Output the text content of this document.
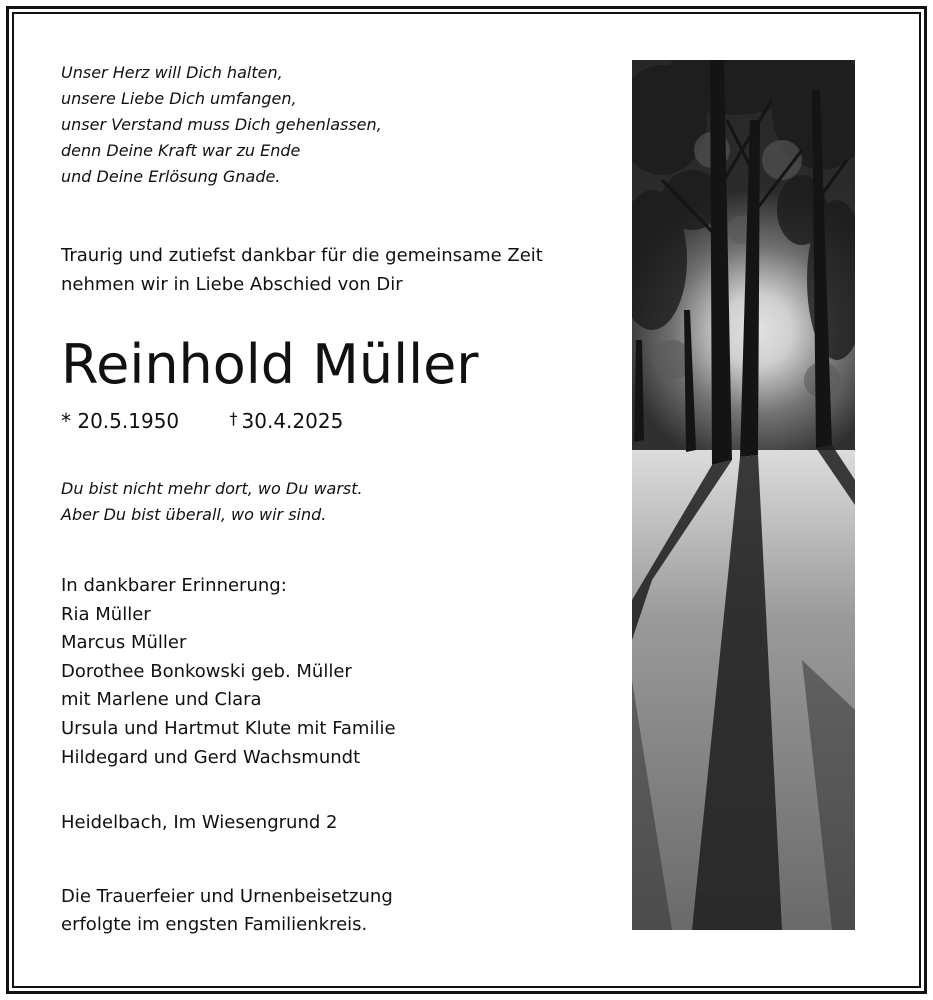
Unser Herz will Dich halten,
unsere Liebe Dich umfangen,
unser Verstand muss Dich gehenlassen,
denn Deine Kraft war zu Ende
und Deine Erlösung Gnade.

Traurig und zutiefst dankbar für die gemeinsame Zeit
nehmen wir in Liebe Abschied von Dir

Reinhold Müller
* 20.5.1950	† 30.4.2025

Du bist nicht mehr dort, wo Du warst.
Aber Du bist überall, wo wir sind.

In dankbarer Erinnerung:
Ria Müller
Marcus Müller
Dorothee Bonkowski geb. Müller
mit Marlene und Clara
Ursula und Hartmut Klute mit Familie
Hildegard und Gerd Wachsmundt

Heidelbach, Im Wiesengrund 2

Die Trauerfeier und Urnenbeisetzung
erfolgte im engsten Familienkreis.
